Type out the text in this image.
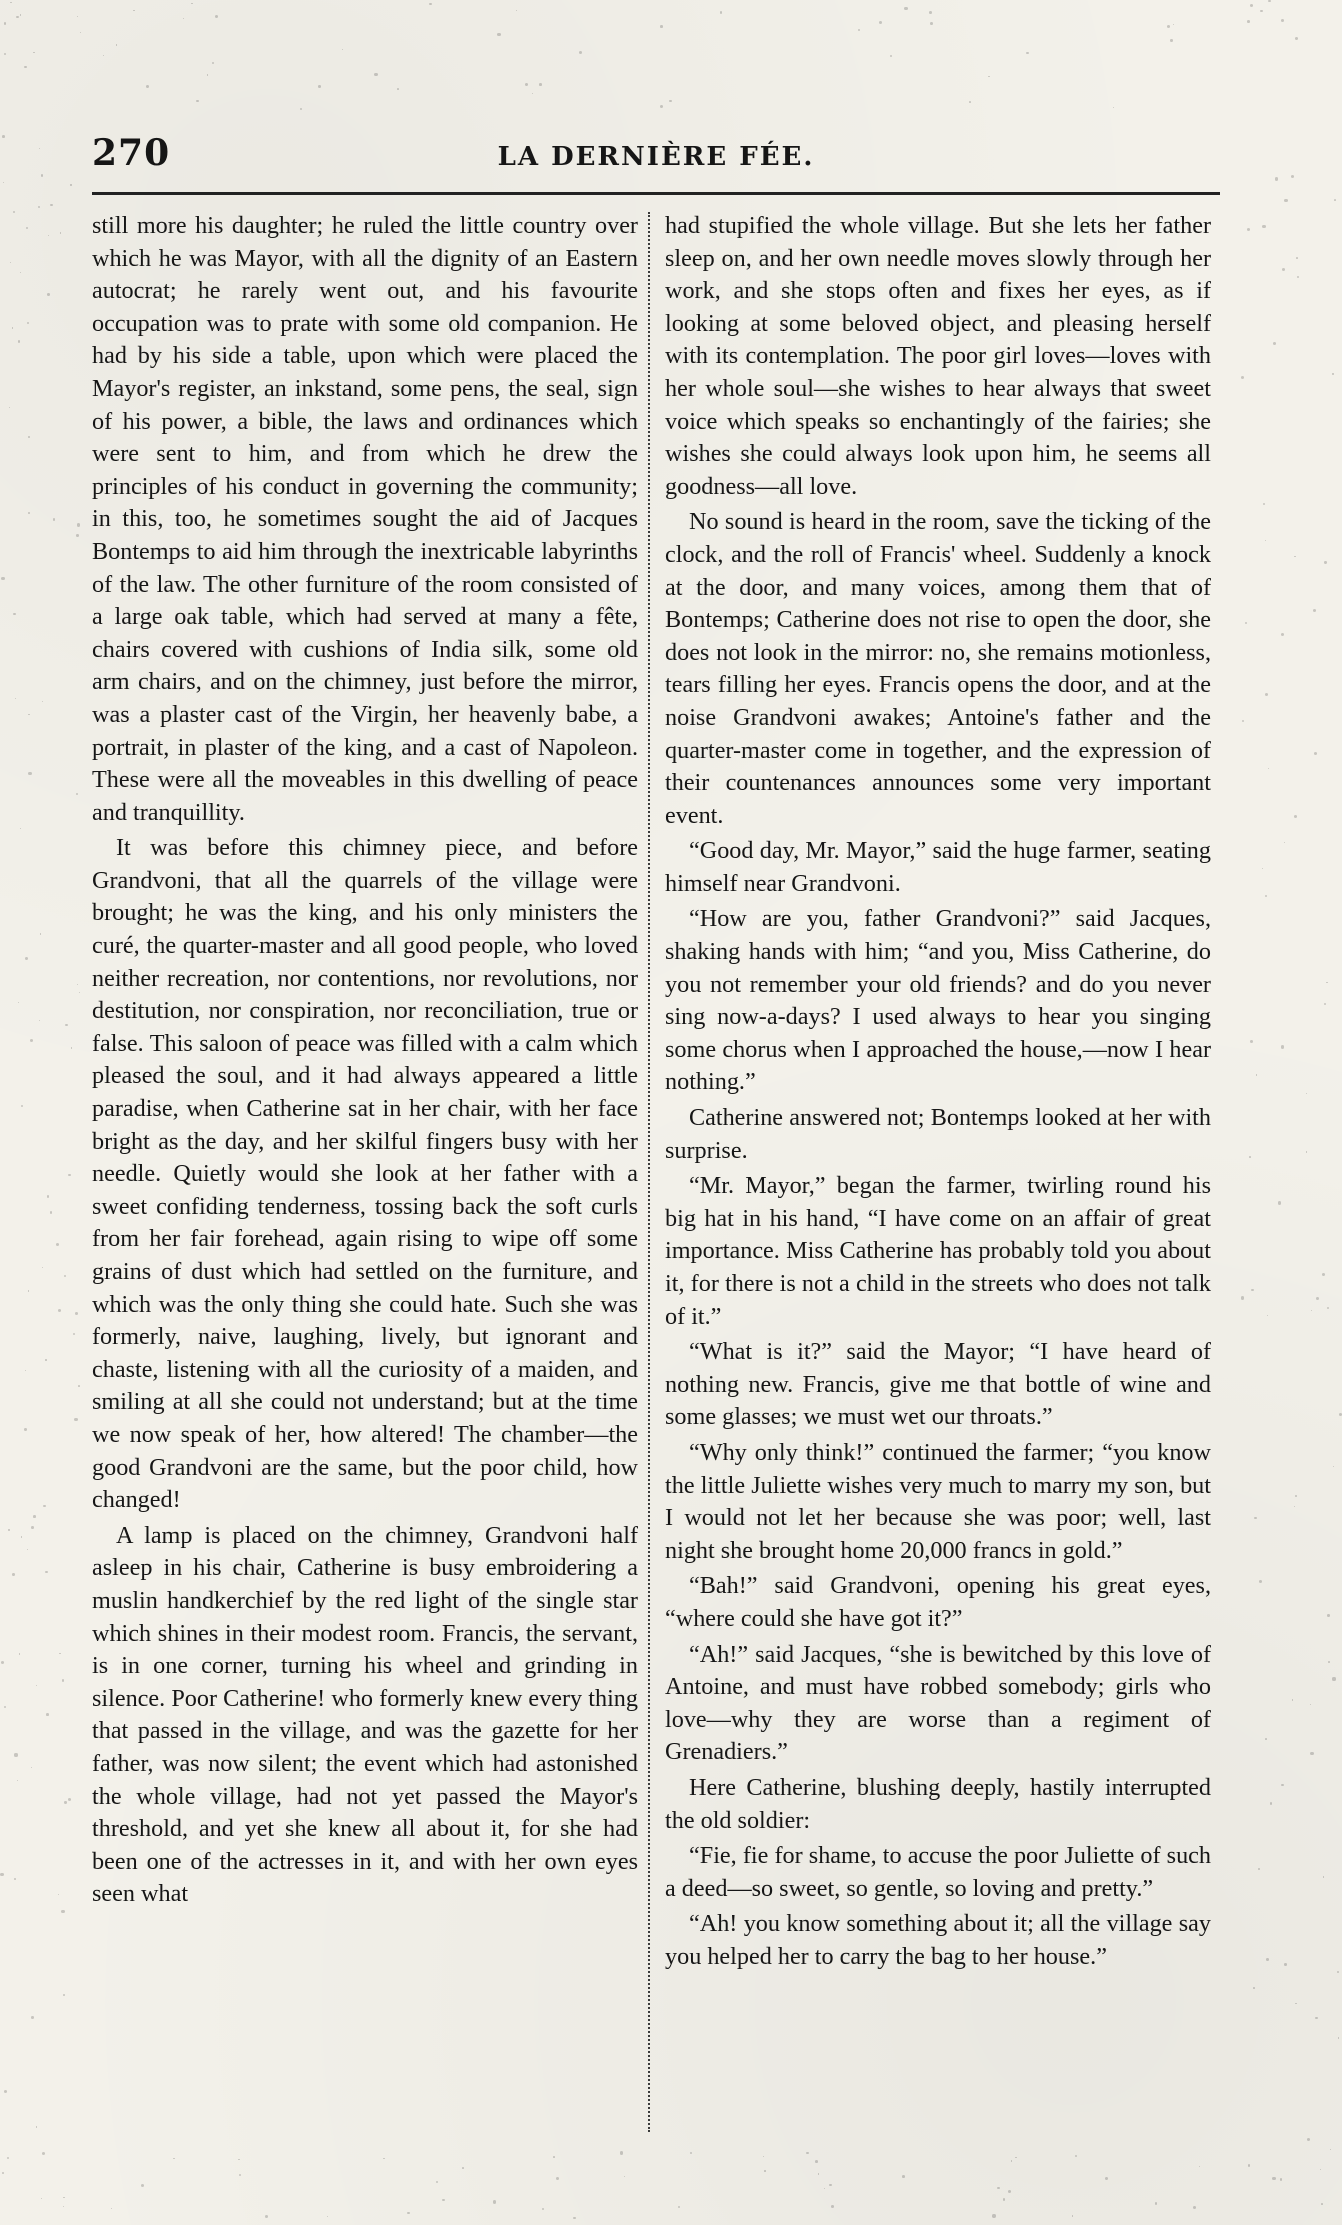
270	LA DERNIÈRE FÉE.

still more his daughter; he ruled the little country over which he was Mayor, with all the dignity of an Eastern autocrat; he rarely went out, and his favourite occupation was to prate with some old companion. He had by his side a table, upon which were placed the Mayor's register, an inkstand, some pens, the seal, sign of his power, a bible, the laws and ordinances which were sent to him, and from which he drew the principles of his conduct in governing the community; in this, too, he sometimes sought the aid of Jacques Bontemps to aid him through the inextricable labyrinths of the law. The other furniture of the room consisted of a large oak table, which had served at many a fête, chairs covered with cushions of India silk, some old arm chairs, and on the chimney, just before the mirror, was a plaster cast of the Virgin, her heavenly babe, a portrait, in plaster of the king, and a cast of Napoleon. These were all the moveables in this dwelling of peace and tranquillity.

It was before this chimney piece, and before Grandvoni, that all the quarrels of the village were brought; he was the king, and his only ministers the curé, the quarter-master and all good people, who loved neither recreation, nor contentions, nor revolutions, nor destitution, nor conspiration, nor reconciliation, true or false. This saloon of peace was filled with a calm which pleased the soul, and it had always appeared a little paradise, when Catherine sat in her chair, with her face bright as the day, and her skilful fingers busy with her needle. Quietly would she look at her father with a sweet confiding tenderness, tossing back the soft curls from her fair forehead, again rising to wipe off some grains of dust which had settled on the furniture, and which was the only thing she could hate. Such she was formerly, naive, laughing, lively, but ignorant and chaste, listening with all the curiosity of a maiden, and smiling at all she could not understand; but at the time we now speak of her, how altered! The chamber—the good Grandvoni are the same, but the poor child, how changed!

A lamp is placed on the chimney, Grandvoni half asleep in his chair, Catherine is busy embroidering a muslin handkerchief by the red light of the single star which shines in their modest room. Francis, the servant, is in one corner, turning his wheel and grinding in silence. Poor Catherine! who formerly knew every thing that passed in the village, and was the gazette for her father, was now silent; the event which had astonished the whole village, had not yet passed the Mayor's threshold, and yet she knew all about it, for she had been one of the actresses in it, and with her own eyes seen what

had stupified the whole village. But she lets her father sleep on, and her own needle moves slowly through her work, and she stops often and fixes her eyes, as if looking at some beloved object, and pleasing herself with its contemplation. The poor girl loves—loves with her whole soul—she wishes to hear always that sweet voice which speaks so enchantingly of the fairies; she wishes she could always look upon him, he seems all goodness—all love.

No sound is heard in the room, save the ticking of the clock, and the roll of Francis' wheel. Suddenly a knock at the door, and many voices, among them that of Bontemps; Catherine does not rise to open the door, she does not look in the mirror: no, she remains motionless, tears filling her eyes. Francis opens the door, and at the noise Grandvoni awakes; Antoine's father and the quarter-master come in together, and the expression of their countenances announces some very important event.

“Good day, Mr. Mayor,” said the huge farmer, seating himself near Grandvoni.

“How are you, father Grandvoni?” said Jacques, shaking hands with him; “and you, Miss Catherine, do you not remember your old friends? and do you never sing now-a-days? I used always to hear you singing some chorus when I approached the house,—now I hear nothing.”

Catherine answered not; Bontemps looked at her with surprise.

“Mr. Mayor,” began the farmer, twirling round his big hat in his hand, “I have come on an affair of great importance. Miss Catherine has probably told you about it, for there is not a child in the streets who does not talk of it.”

“What is it?” said the Mayor; “I have heard of nothing new. Francis, give me that bottle of wine and some glasses; we must wet our throats.”

“Why only think!” continued the farmer; “you know the little Juliette wishes very much to marry my son, but I would not let her because she was poor; well, last night she brought home 20,000 francs in gold.”

“Bah!” said Grandvoni, opening his great eyes, “where could she have got it?”

“Ah!” said Jacques, “she is bewitched by this love of Antoine, and must have robbed somebody; girls who love—why they are worse than a regiment of Grenadiers.”

Here Catherine, blushing deeply, hastily interrupted the old soldier:

“Fie, fie for shame, to accuse the poor Juliette of such a deed—so sweet, so gentle, so loving and pretty.”

“Ah! you know something about it; all the village say you helped her to carry the bag to her house.”
